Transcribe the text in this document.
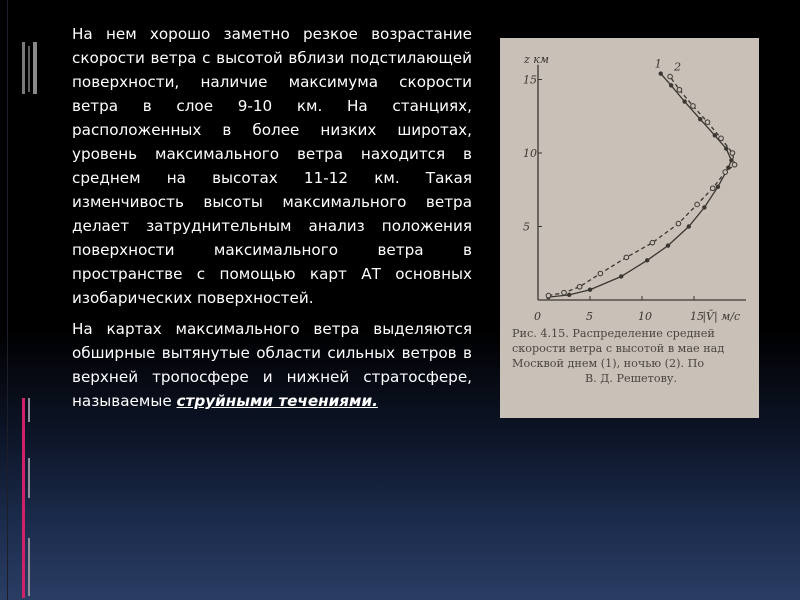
На нем хорошо заметно резкое возрастание скорости ветра с высотой вблизи подстилающей поверхности, наличие максимума скорости ветра в слое 9-10 км. На станциях, расположенных в более низких широтах, уровень максимального ветра находится в среднем на высотах 11-12 км. Такая изменчивость высоты максимального ветра делает затруднительным анализ положения поверхности максимального ветра в пространстве с помощью карт АТ основных изобарических поверхностей.

На картах максимального ветра выделяются обширные вытянутые области сильных ветров в верхней тропосфере и нижней стратосфере, называемые струйными течениями.

5
10
15
0	5	10	15
z км
|V̄| м/с
1 2
Рис. 4.15. Распределение средней скорости ветра с высотой в мае над Москвой днем (1), ночью (2). По
В. Д. Решетову.
